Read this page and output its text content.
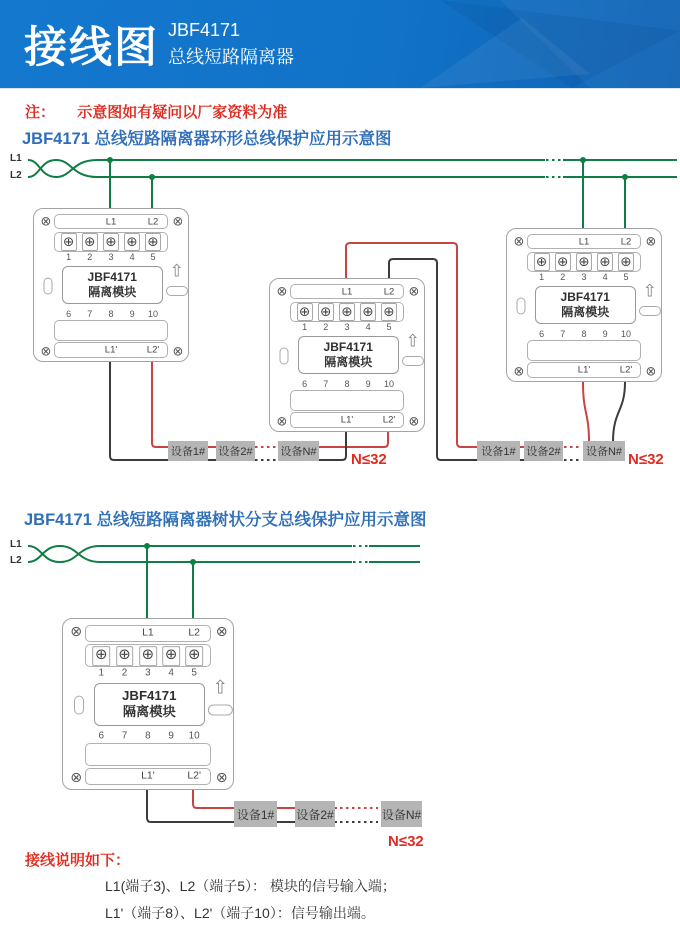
接线图 JBF4171
总线短路隔离器
注： 示意图如有疑问以厂家资料为准
JBF4171 总线短路隔离器环形总线保护应用示意图
JBF4171 总线短路隔离器树状分支总线保护应用示意图
L1
L2
L1
L2
⊗	⊗
⊗	⊗
L1	L2
⊕
1
⊕
2
⊕
3
⊕
4
⊕
5
6 7 8 9 10
⇧
JBF4171
隔离模块
L1'	L2'
⊗	⊗
⊗	⊗
L1	L2
⊕
1
⊕
2
⊕
3
⊕
4
⊕
5
6 7 8 9 10
⇧
JBF4171
隔离模块
L1'	L2'
⊗	⊗
⊗	⊗
L1	L2
⊕
1
⊕
2
⊕
3
⊕
4
⊕
5
6 7 8 9 10
⇧
JBF4171
隔离模块
L1'	L2'
⊗	⊗
⊗	⊗
L1	L2
⊕
1
⊕
2
⊕
3
⊕
4
⊕
5
6 7 8 9 10
⇧
JBF4171
隔离模块
L1'	L2'
设备1# 设备2#	设备N#	设备1# 设备2# 设备N#
设备1# 设备2#	设备N#
N≤32	N≤32
N≤32
接线说明如下：
L1(端子3)、L2（端子5）： 模块的信号输入端；
L1'（端子8）、L2'（端子10）：信号输出端。
